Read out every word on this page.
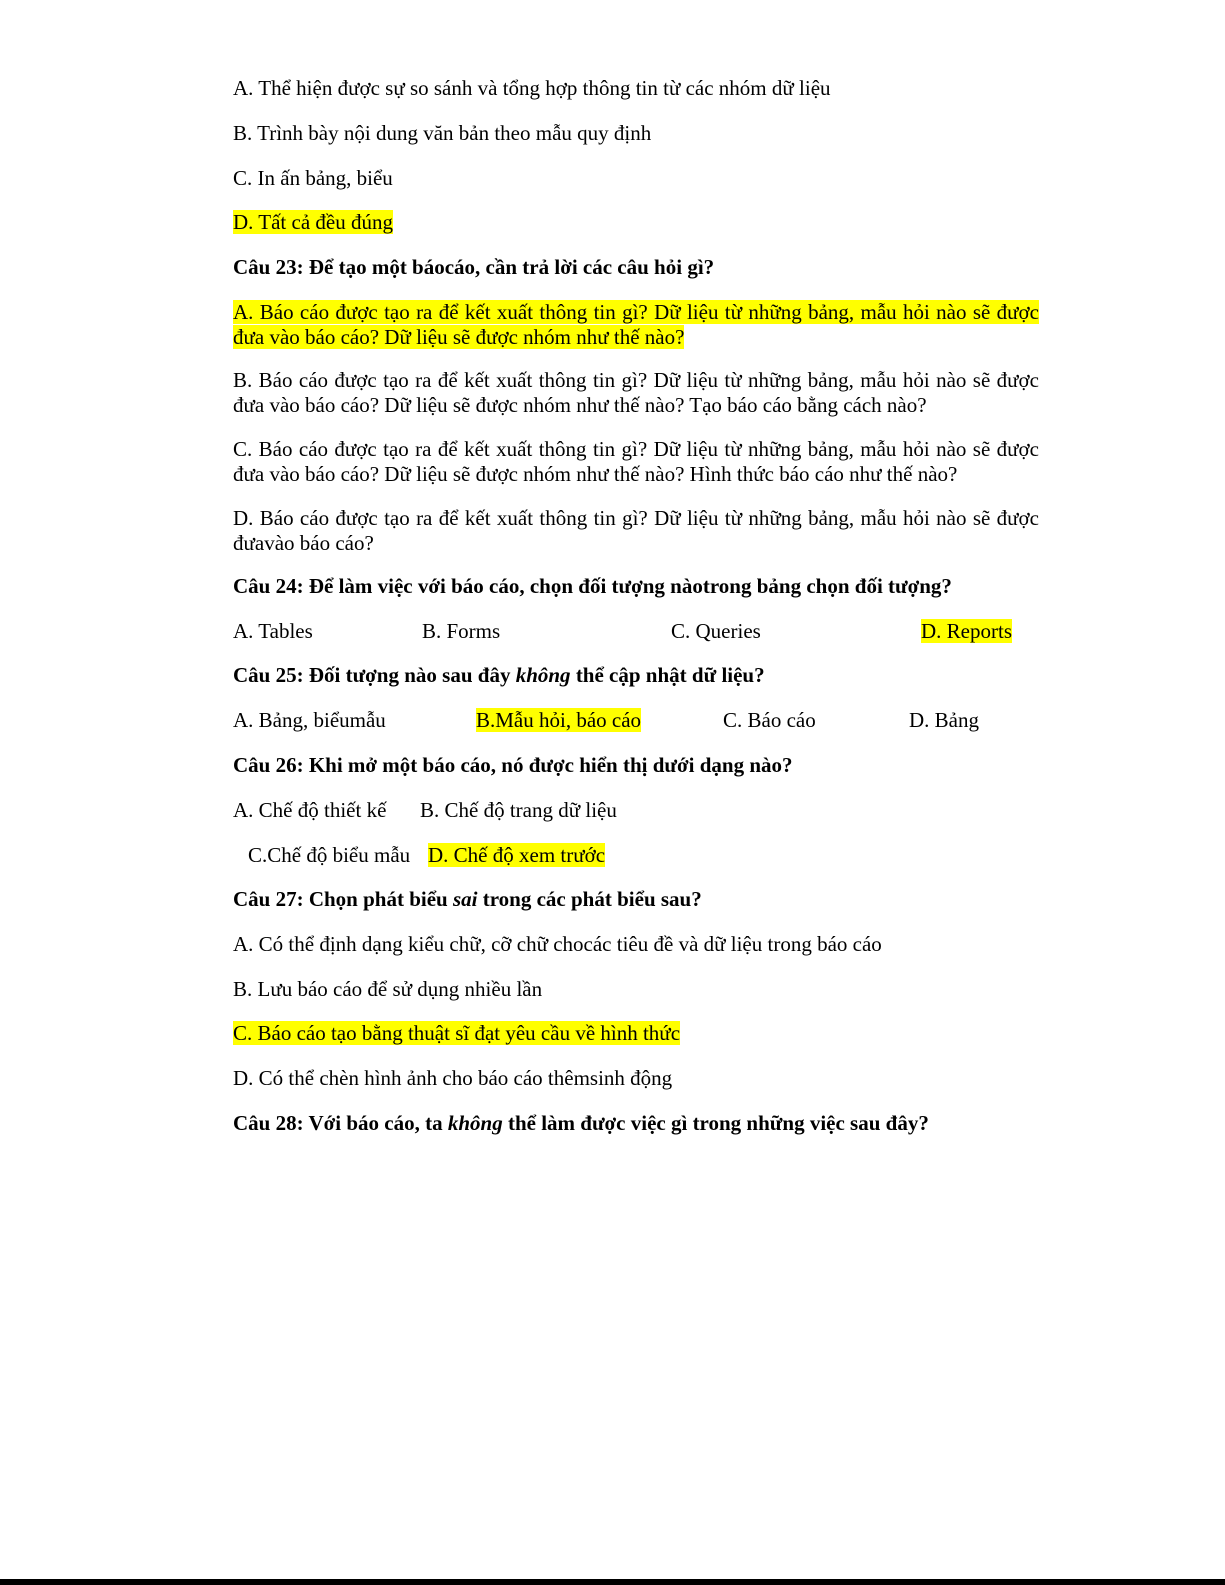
A. Thể hiện được sự so sánh và tổng hợp thông tin từ các nhóm dữ liệu
B. Trình bày nội dung văn bản theo mẫu quy định
C. In ấn bảng, biểu
D. Tất cả đều đúng
Câu 23: Để tạo một báocáo, cần trả lời các câu hỏi gì?
A. Báo cáo được tạo ra để kết xuất thông tin gì? Dữ liệu từ những bảng, mẫu hỏi nào sẽ được đưa vào báo cáo? Dữ liệu sẽ được nhóm như thế nào?
B. Báo cáo được tạo ra để kết xuất thông tin gì? Dữ liệu từ những bảng, mẫu hỏi nào sẽ được đưa vào báo cáo? Dữ liệu sẽ được nhóm như thế nào? Tạo báo cáo bằng cách nào?
C. Báo cáo được tạo ra để kết xuất thông tin gì? Dữ liệu từ những bảng, mẫu hỏi nào sẽ được đưa vào báo cáo? Dữ liệu sẽ được nhóm như thế nào? Hình thức báo cáo như thế nào?
D. Báo cáo được tạo ra để kết xuất thông tin gì? Dữ liệu từ những bảng, mẫu hỏi nào sẽ được đưavào báo cáo?
Câu 24: Để làm việc với báo cáo, chọn đối tượng nàotrong bảng chọn đối tượng?
A. Tables	B. Forms	C. Queries	D. Reports
Câu 25: Đối tượng nào sau đây không thể cập nhật dữ liệu?
A. Bảng, biểumẫu	B.Mẫu hỏi, báo cáo	C. Báo cáo	D. Bảng
Câu 26: Khi mở một báo cáo, nó được hiển thị dưới dạng nào?
A. Chế độ thiết kế B. Chế độ trang dữ liệu
C.Chế độ biểu mẫu D. Chế độ xem trước
Câu 27: Chọn phát biểu sai trong các phát biểu sau?
A. Có thể định dạng kiểu chữ, cỡ chữ chocác tiêu đề và dữ liệu trong báo cáo
B. Lưu báo cáo để sử dụng nhiều lần
C. Báo cáo tạo bằng thuật sĩ đạt yêu cầu về hình thức
D. Có thể chèn hình ảnh cho báo cáo thêmsinh động
Câu 28: Với báo cáo, ta không thể làm được việc gì trong những việc sau đây?
